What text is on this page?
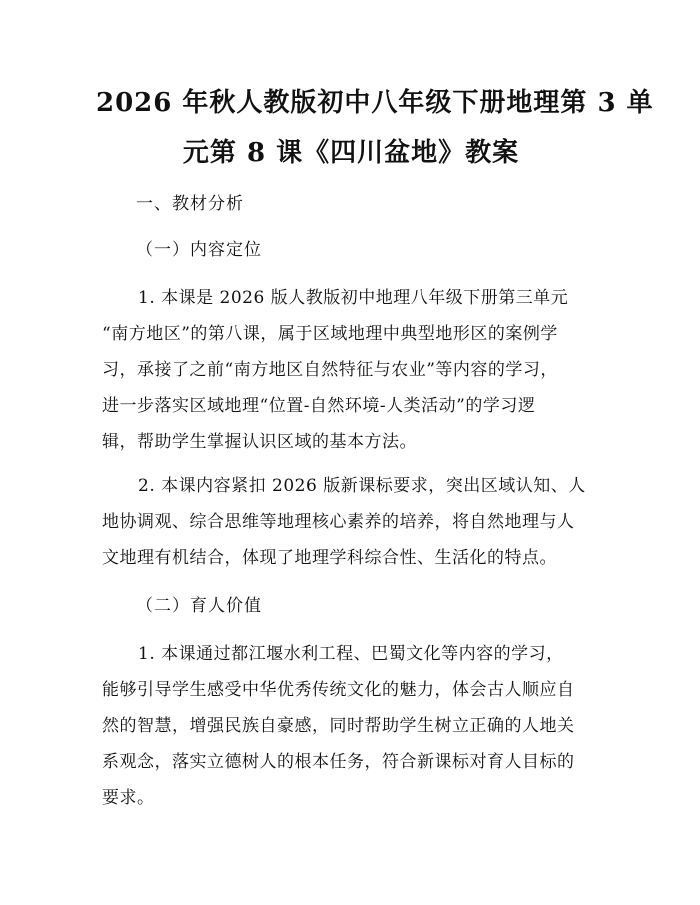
2026 年秋人教版初中八年级下册地理第 3 单
元第 8 课《四川盆地》教案
一、教材分析
（一）内容定位
1. 本课是 2026 版人教版初中地理八年级下册第三单元
“南方地区”的第八课，属于区域地理中典型地形区的案例学
习，承接了之前“南方地区自然特征与农业”等内容的学习，
进一步落实区域地理“位置-自然环境-人类活动”的学习逻
辑，帮助学生掌握认识区域的基本方法。
2. 本课内容紧扣 2026 版新课标要求，突出区域认知、人
地协调观、综合思维等地理核心素养的培养，将自然地理与人
文地理有机结合，体现了地理学科综合性、生活化的特点。
（二）育人价值
1. 本课通过都江堰水利工程、巴蜀文化等内容的学习，
能够引导学生感受中华优秀传统文化的魅力，体会古人顺应自
然的智慧，增强民族自豪感，同时帮助学生树立正确的人地关
系观念，落实立德树人的根本任务，符合新课标对育人目标的
要求。
